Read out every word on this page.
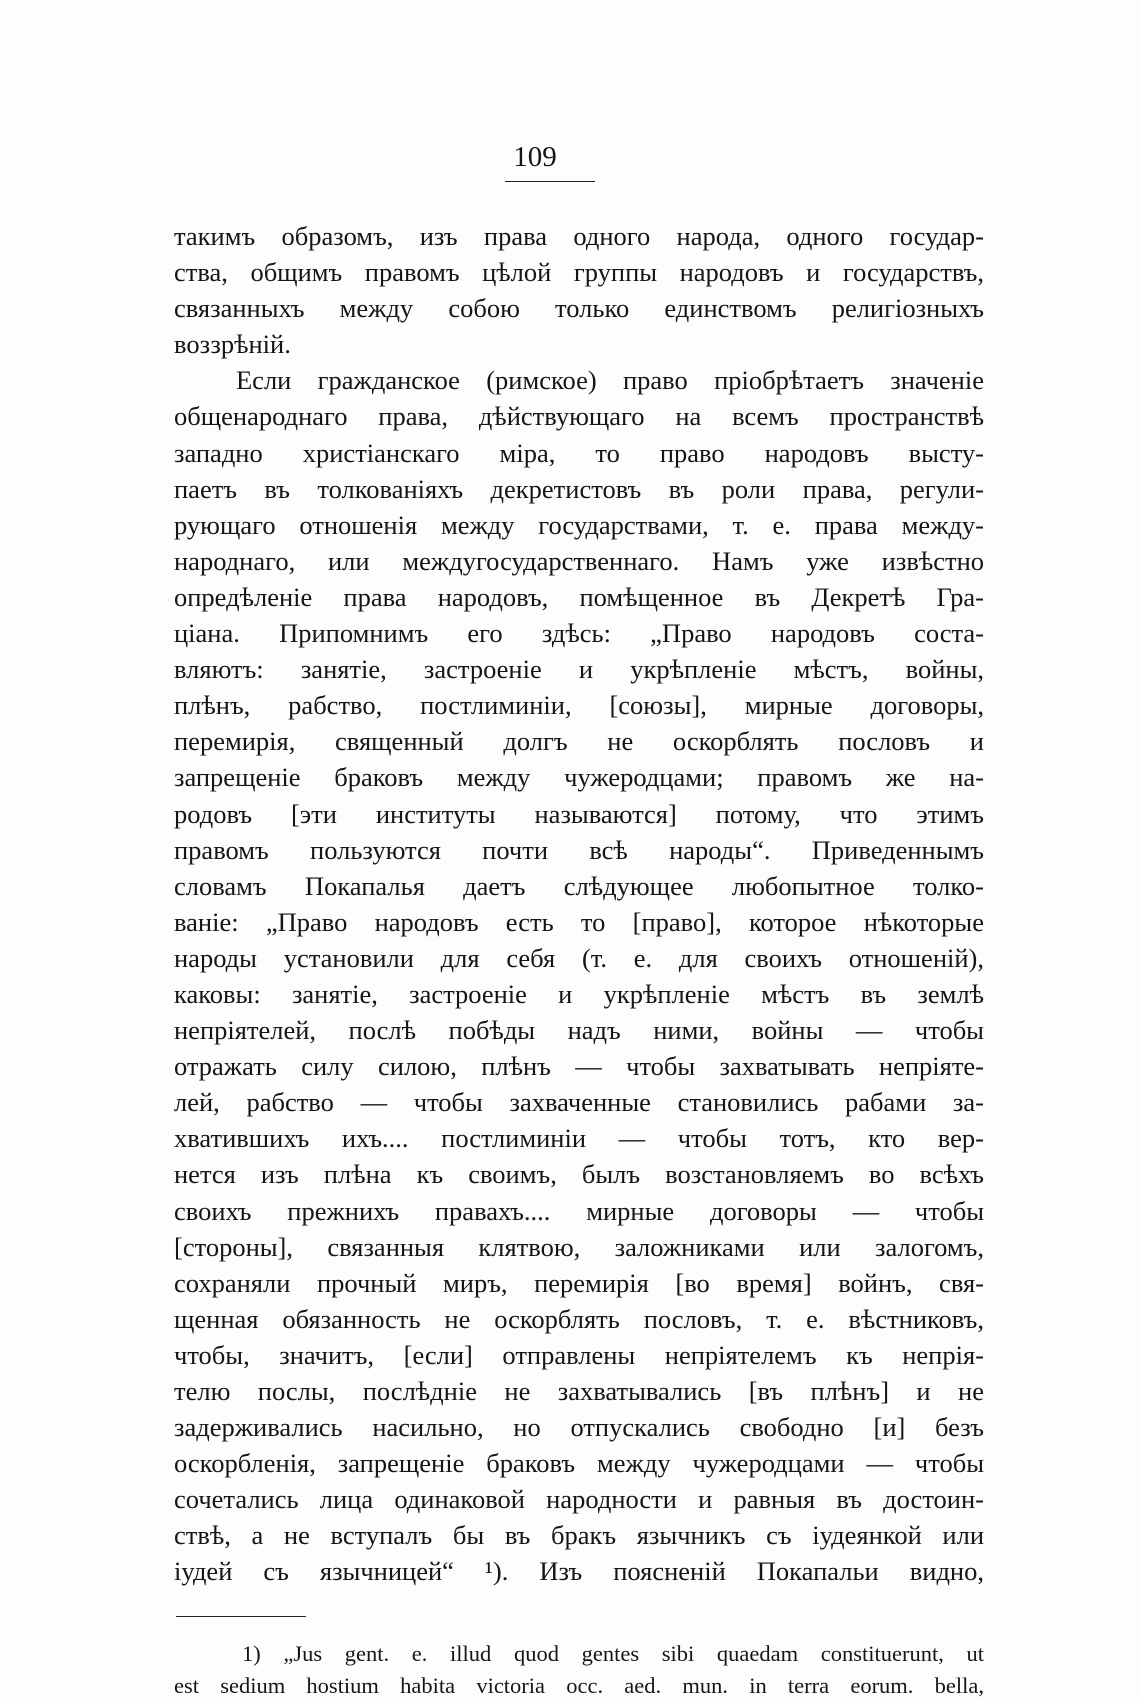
109
такимъ образомъ, изъ права одного народа, одного государ-
ства, общимъ правомъ цѣлой группы народовъ и государствъ,
связанныхъ между собою только единствомъ религiозныхъ
воззрѣнiй.
Если гражданское (римское) право прiобрѣтаетъ значенiе
общенароднаго права, дѣйствующаго на всемъ пространствѣ
западно христiанскаго мiра, то право народовъ высту-
паетъ въ толкованiяхъ декретистовъ въ роли права, регули-
рующаго отношенiя между государствами, т. е. права между-
народнаго, или междугосударственнаго. Намъ уже извѣстно
опредѣленiе права народовъ, помѣщенное въ Декретѣ Гра-
цiана. Припомнимъ его здѣсь: „Право народовъ соста-
вляютъ: занятiе, застроенiе и укрѣпленiе мѣстъ, войны,
плѣнъ, рабство, постлиминiи, [союзы], мирные договоры,
перемирiя, священный долгъ не оскорблять пословъ и
запрещенiе браковъ между чужеродцами; правомъ же на-
родовъ [эти институты называются] потому, что этимъ
правомъ пользуются почти всѣ народы“. Приведеннымъ
словамъ Покапалья даетъ слѣдующее любопытное толко-
ванiе: „Право народовъ есть то [право], которое нѣкоторые
народы установили для себя (т. е. для своихъ отношенiй),
каковы: занятiе, застроенiе и укрѣпленiе мѣстъ въ землѣ
непрiятелей, послѣ побѣды надъ ними, войны — чтобы
отражать силу силою, плѣнъ — чтобы захватывать непрiяте-
лей, рабство — чтобы захваченные становились рабами за-
хватившихъ ихъ.... постлиминiи — чтобы тотъ, кто вер-
нется изъ плѣна къ своимъ, былъ возстановляемъ во всѣхъ
своихъ прежнихъ правахъ.... мирные договоры — чтобы
[стороны], связанныя клятвою, заложниками или залогомъ,
сохраняли прочный миръ, перемирiя [во время] войнъ, свя-
щенная обязанность не оскорблять пословъ, т. е. вѣстниковъ,
чтобы, значитъ, [если] отправлены непрiятелемъ къ непрiя-
телю послы, послѣднiе не захватывались [въ плѣнъ] и не
задерживались насильно, но отпускались свободно [и] безъ
оскорбленiя, запрещенiе браковъ между чужеродцами — чтобы
сочетались лица одинаковой народности и равныя въ достоин-
ствѣ, а не вступалъ бы въ бракъ язычникъ съ iудеянкой или
iудей съ язычницей“ ¹). Изъ поясненiй Покапальи видно,
1) „Jus gent. e. illud quod gentes sibi quaedam constituerunt, ut
est sedium hostium habita victoria occ. aed. mun. in terra eorum. bella,
